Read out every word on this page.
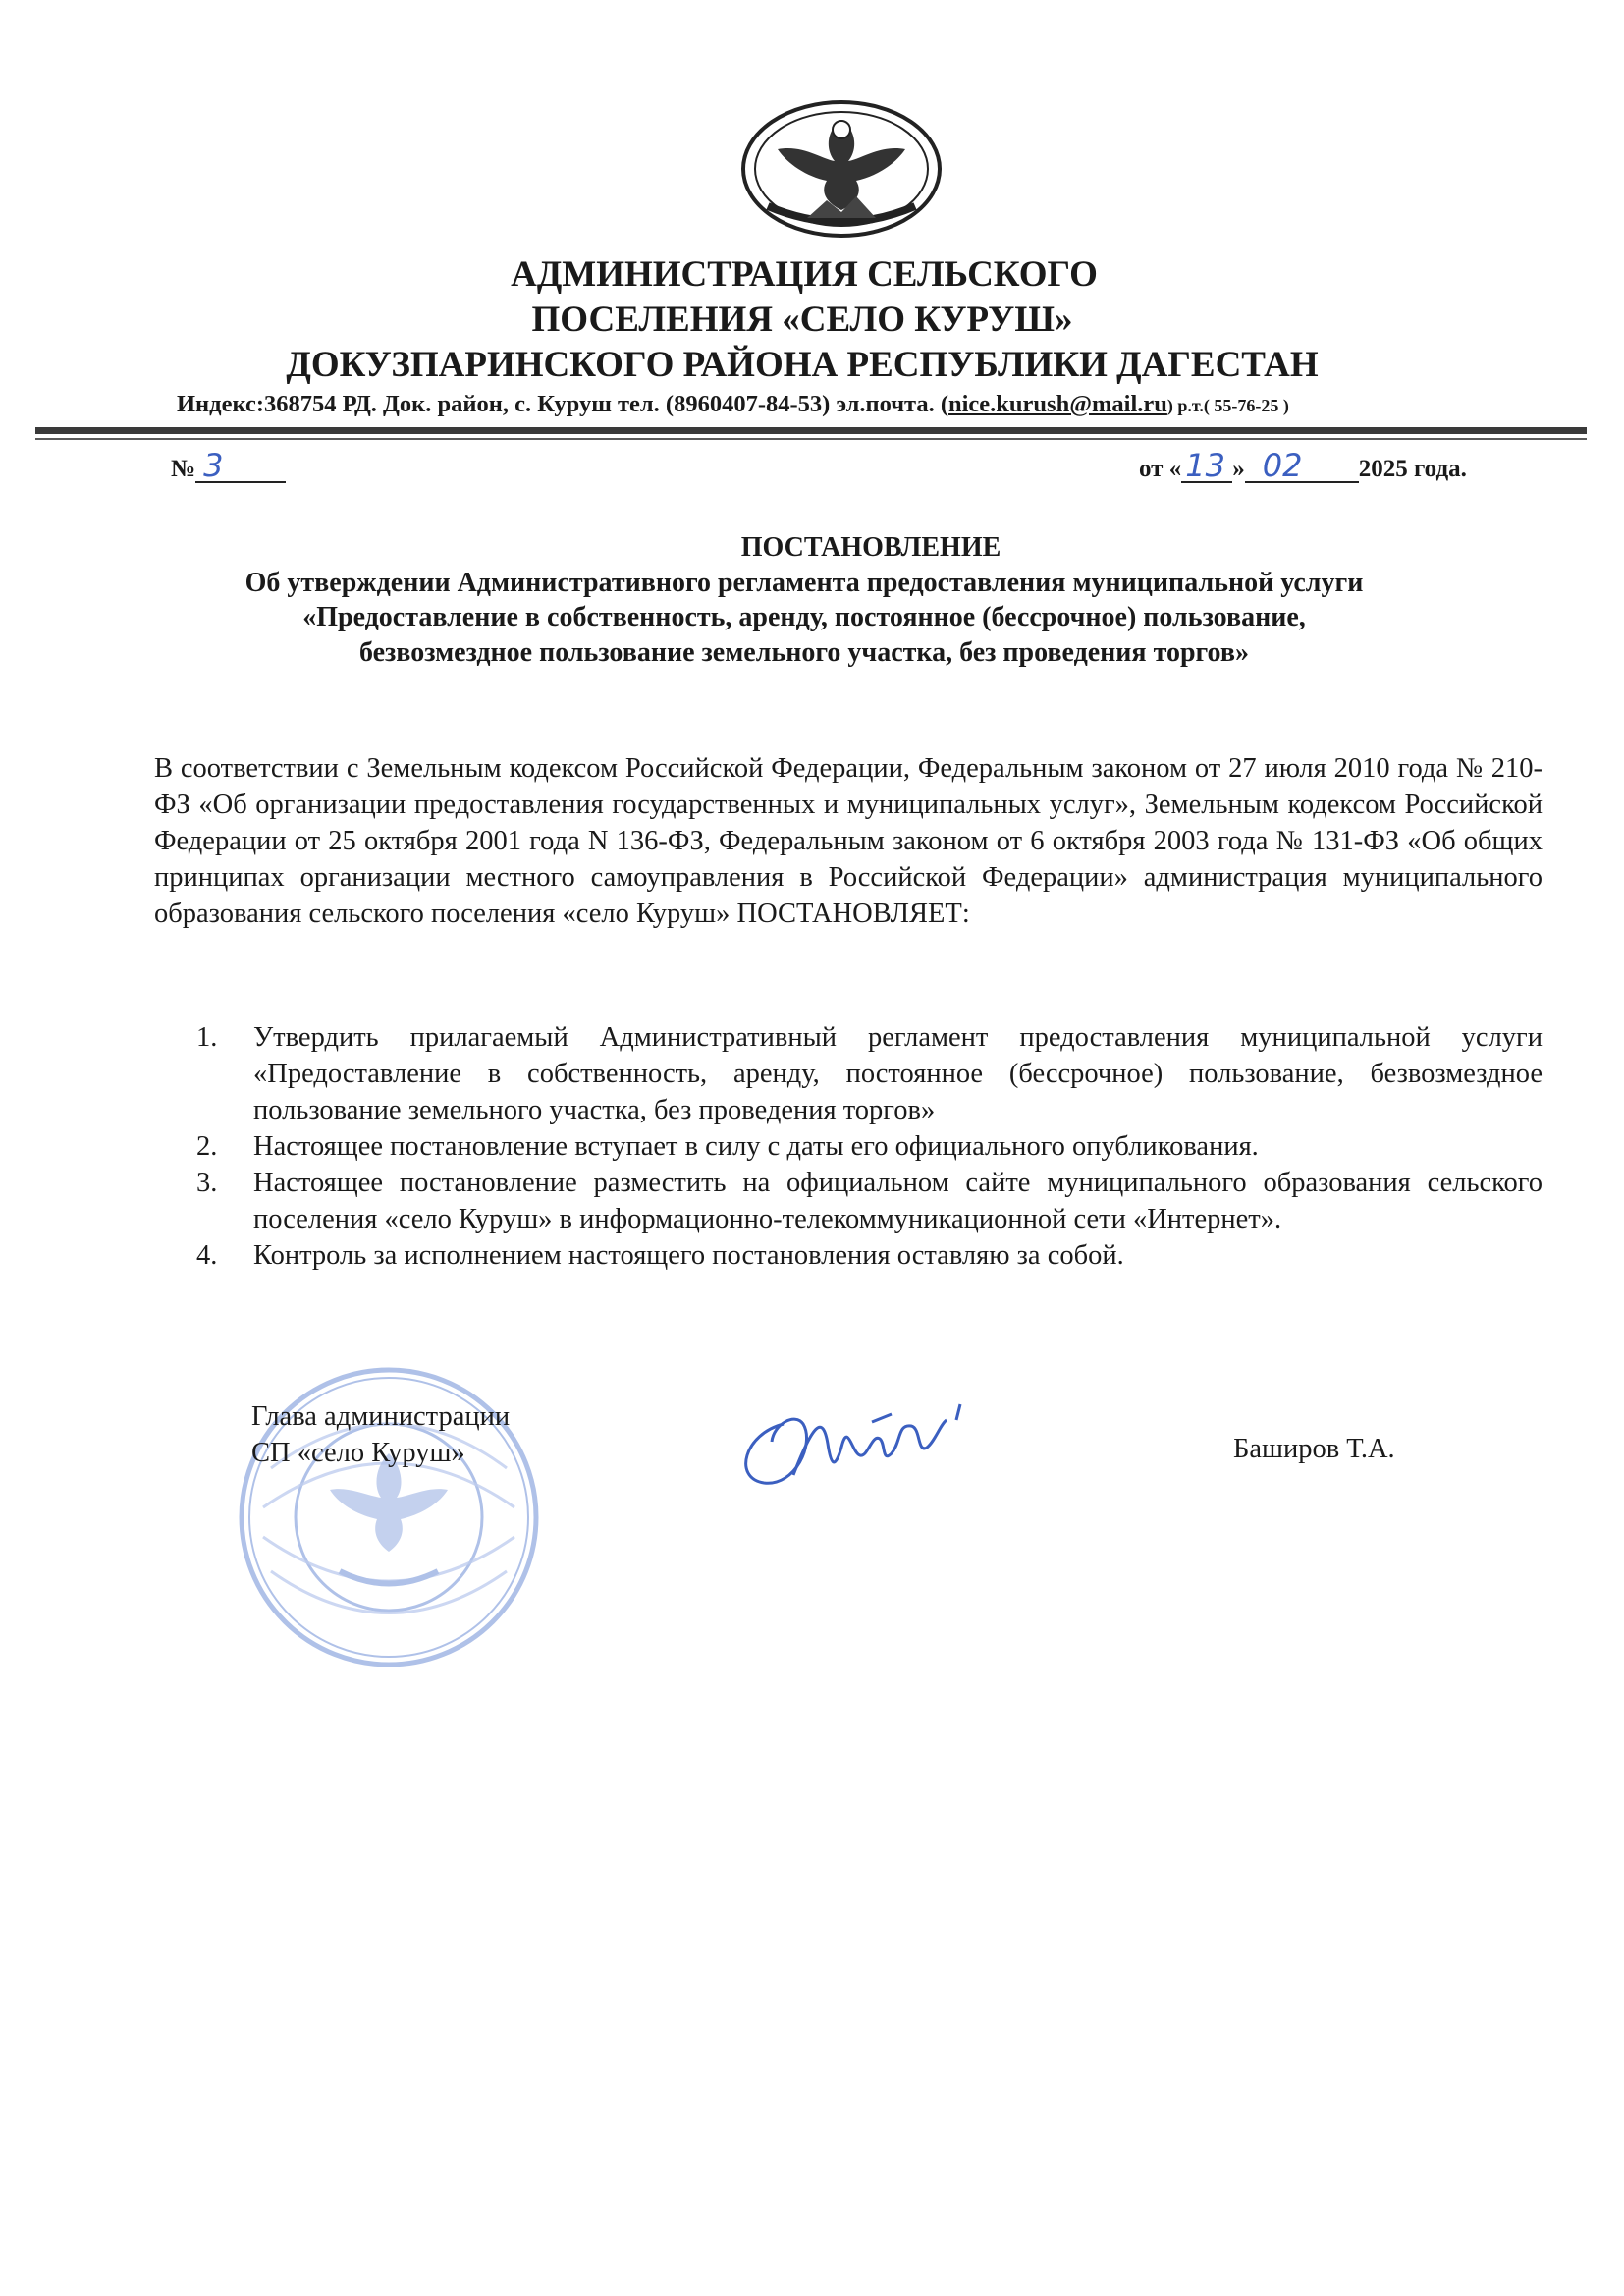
АДМИНИСТРАЦИЯ СЕЛЬСКОГО
ПОСЕЛЕНИЯ «СЕЛО КУРУШ»
ДОКУЗПАРИНСКОГО РАЙОНА РЕСПУБЛИКИ ДАГЕСТАН
Индекс:368754 РД. Док. район, с. Куруш тел. (8960407-84-53) эл.почта. (nice.kurush@mail.ru) р.т.( 55-76-25 )
№ 3	от « 13 » 02 2025 года.
ПОСТАНОВЛЕНИЕ
Об утверждении Административного регламента предоставления муниципальной услуги
«Предоставление в собственность, аренду, постоянное (бессрочное) пользование,
безвозмездное пользование земельного участка, без проведения торгов»
В соответствии с Земельным кодексом Российской Федерации, Федеральным законом от 27 июля 2010 года № 210-ФЗ «Об организации предоставления государственных и муниципальных услуг», Земельным кодексом Российской Федерации от 25 октября 2001 года N 136-ФЗ, Федеральным законом от 6 октября 2003 года № 131-ФЗ «Об общих принципах организации местного самоуправления в Российской Федерации» администрация муниципального образования сельского поселения «село Куруш» ПОСТАНОВЛЯЕТ:
1. Утвердить прилагаемый Административный регламент предоставления муниципальной услуги «Предоставление в собственность, аренду, постоянное (бессрочное) пользование, безвозмездное пользование земельного участка, без проведения торгов»
2. Настоящее постановление вступает в силу с даты его официального опубликования.
3. Настоящее постановление разместить на официальном сайте муниципального образования сельского поселения «село Куруш» в информационно-телекоммуникационной сети «Интернет».
4. Контроль за исполнением настоящего постановления оставляю за собой.
Глава администрации
СП «село Куруш»	Баширов Т.А.
